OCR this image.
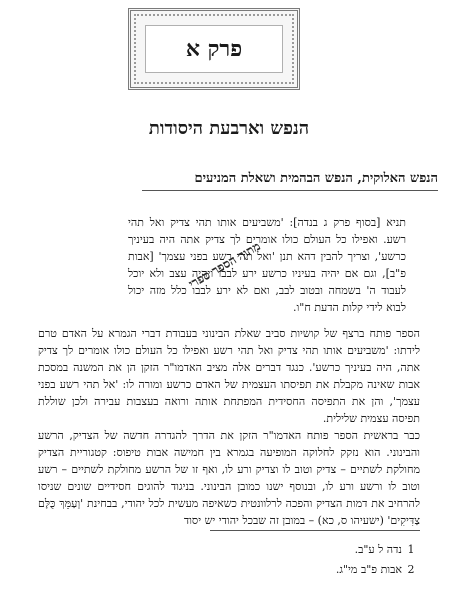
פרק א
הנפש וארבעת היסודות
הנפש האלוקית, הנפש הבהמית ושאלת המניעים
תניא [בסוף פרק ג בנדה]: 'משביעים אותו תהי צדיק ואל תהי רשע. ואפילו כל העולם כולו אומרים לך צדיק אתה היה בעיניך כרשע', וצריך להבין דהא תנן 'ואל תהי רשע בפני עצמך' [אבות פ"ב], וגם אם יהיה בעיניו כרשע ירע לבבו ויהיה עצב ולא יוכל לעבוד ה' בשמחה ובטוב לבב, ואם לא ירע לבבו כלל מזה יכול לבוא לידי קלות הדעת ח"ו.
הספר פותח ברצף של קושיות סביב שאלת הבינוני בעבודת דברי הגמרא על האדם טרם לידתו: 'משביעים אותו תהי צדיק ואל תהי רשע ואפילו כל העולם כולו אומרים לך צדיק אתה, היה בעיניך כרשע'. כנגד דברים אלה מציב האדמו"ר הזקן הן את המשנה במסכת אבות שאינה מקבלת את תפיסתו העצמית של האדם כרשע ומורה לו: 'אל תהי רשע בפני עצמך', והן את התפיסה החסידית המפתחת אותה ורואה בעצבות עבירה ולכן שוללת תפיסה עצמית שלילית.
כבר בראשית הספר פותח האדמו"ר הזקן את הדרך להגדרה חדשה של הצדיק, הרשע והבינוני. הוא נזקק לחלוקה המופיעה בגמרא בין חמישה אבות טיפוס: קטגוריית הצדיק מחולקת לשתיים – צדיק וטוב לו וצדיק ורע לו, ואף זו של הרשע מחולקת לשתיים – רשע וטוב לו ורשע ורע לו, ובנוסף ישנו כמובן הבינוני. בניגוד להוגים חסידיים שונים שניסו להרחיב את דמות הצדיק והפכה לרלוונטית כשאיפה מעשית לכל יהודי, בבחינת 'וְעַמֵּךְ כֻּלָּם צַדִּיקִים' (ישעיהו ס, כא) – במובן זה שבכל יהודי יש יסוד
מתוך הספר ספרי
1
נדה ל ע"ב.
2
אבות פ"ב מי"ג.
